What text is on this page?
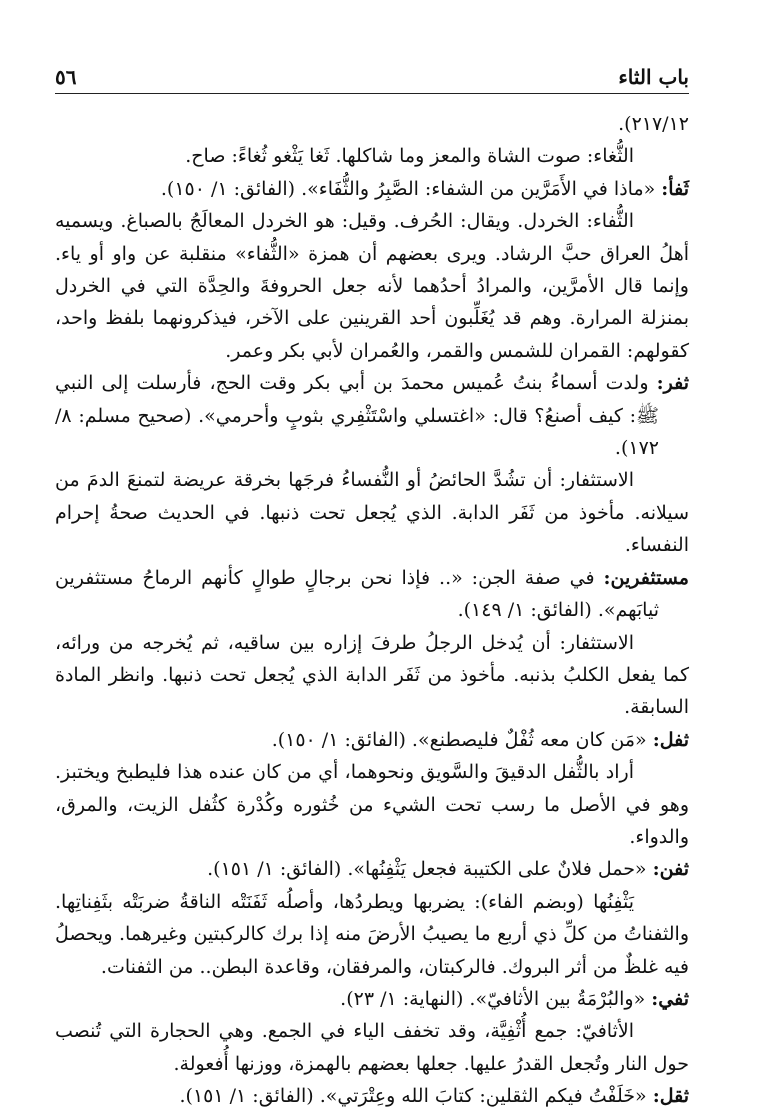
باب الثاء
٥٦

٢١٧/١٢).

الثُّغاء: صوت الشاة والمعز وما شاكلها. ثَغا يَثْغو ثُغاءً: صاح.

ثَفأ: «ماذا في الأَمَرَّين من الشفاء: الصَّبِرُ والثُّفَاء». (الفائق: ١/ ١٥٠).

الثُّفاء: الخردل. ويقال: الحُرف. وقيل: هو الخردل المعالَجُ بالصباغ. ويسميه أهلُ العراق حبَّ الرشاد. ويرى بعضهم أن همزة «الثُّفاء» منقلبة عن واو أو ياء. وإنما قال الأمرَّين، والمرادُ أحدُهما لأنه جعل الحروفةَ والحِدَّة التي في الخردل بمنزلة المرارة. وهم قد يُغَلِّبون أحد القرينين على الآخر، فيذكرونهما بلفظ واحد، كقولهم: القمران للشمس والقمر، والعُمران لأبي بكر وعمر.

ثفر: ولدت أسماءُ بنتُ عُميس محمدَ بن أبي بكر وقت الحج، فأرسلت إلى النبي ﷺ: كيف أصنعُ؟ قال: «اغتسلي واسْتَثْفِري بثوبٍ وأحرمي». (صحيح مسلم: ٨/ ١٧٢).

الاستثفار: أن تشُدَّ الحائضُ أو النُّفساءُ فرجَها بخرقة عريضة لتمنعَ الدمَ من سيلانه. مأخوذ من ثَفَر الدابة. الذي يُجعل تحت ذنبها. في الحديث صحةُ إحرام النفساء.

مستثفرين: في صفة الجن: «.. فإذا نحن برجالٍ طوالٍ كأنهم الرماحُ مستثفرين ثيابَهم». (الفائق: ١/ ١٤٩).

الاستثفار: أن يُدخل الرجلُ طرفَ إزاره بين ساقيه، ثم يُخرجه من ورائه، كما يفعل الكلبُ بذنبه. مأخوذ من ثَفَر الدابة الذي يُجعل تحت ذنبها. وانظر المادة السابقة.

ثفل: «مَن كان معه ثُفْلٌ فليصطنع». (الفائق: ١/ ١٥٠).

أراد بالثُّفل الدقيقَ والسَّويق ونحوهما، أي من كان عنده هذا فليطبخ ويختبز. وهو في الأصل ما رسب تحت الشيء من خُثوره وكُدْرة كثُفل الزيت، والمرق، والدواء.

ثفن: «حمل فلانٌ على الكتيبة فجعل يَثْفِنُها». (الفائق: ١/ ١٥١).

يَثْفِنُها (وبضم الفاء): يضربها ويطردُها، وأصلُه ثَفَنَتْه الناقةُ ضربَتْه بثَفِناتِها. والثفناتُ من كلِّ ذي أربع ما يصيبُ الأرضَ منه إذا برك كالركبتين وغيرهما. ويحصلُ فيه غلظٌ من أثر البروك. فالركبتان، والمرفقان، وقاعدة البطن.. من الثفنات.

ثفي: «والبُرْمَةُ بين الأثافيّ». (النهاية: ١/ ٢٣).

الأثافيّ: جمع أُثْفِيَّة، وقد تخفف الياء في الجمع. وهي الحجارة التي تُنصب حول النار وتُجعل القدرُ عليها. جعلها بعضهم بالهمزة، ووزنها أُفعولة.

ثقل: «خَلَفْتُ فيكم الثقلين: كتابَ الله وعِتْرَتي». (الفائق: ١/ ١٥١).
